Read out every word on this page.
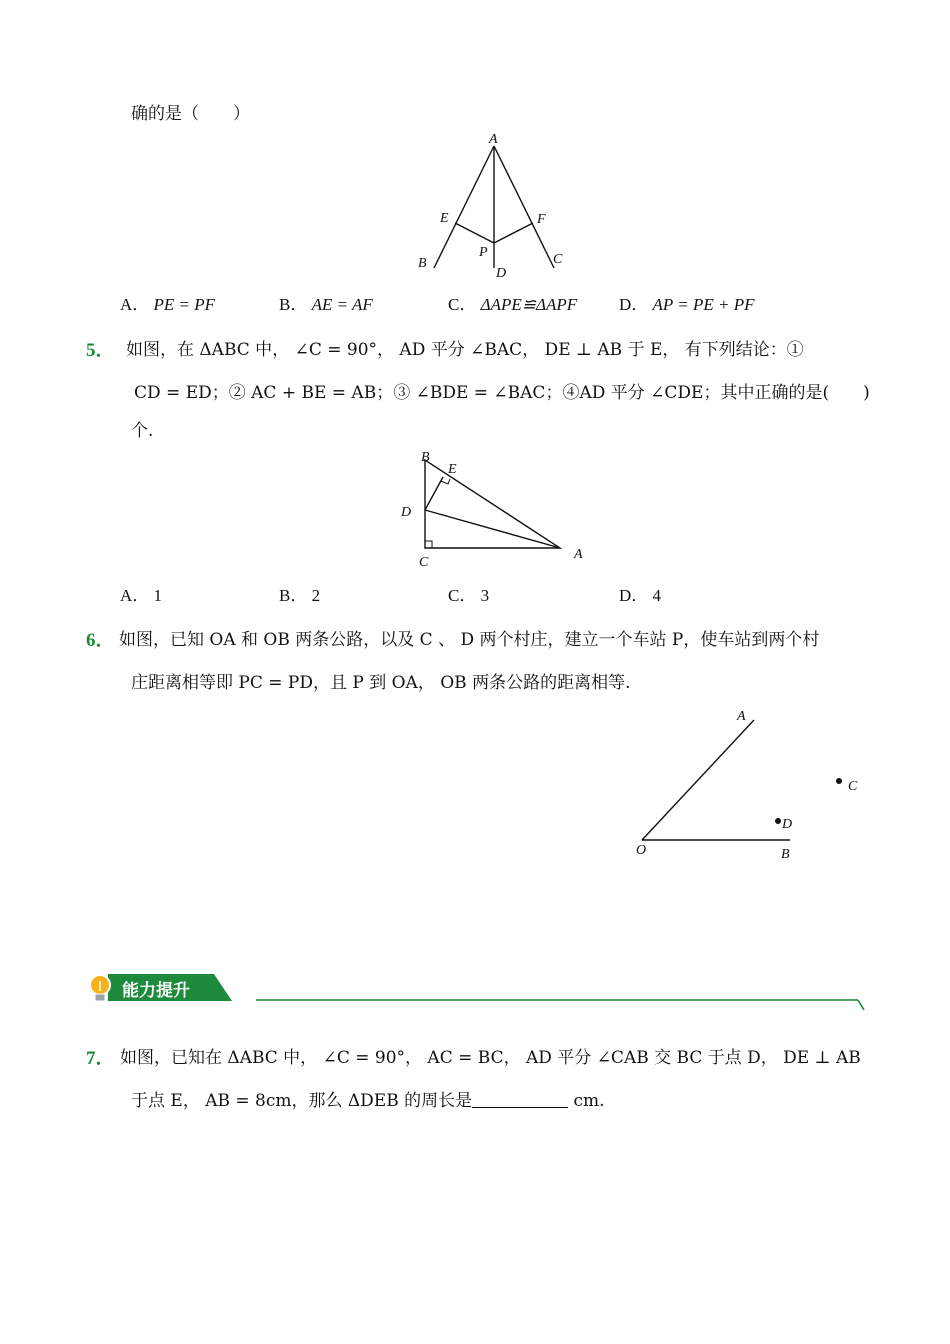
确的是（　　）
A
E	F
P
B
D
C
A． PE = PF	B． AE = AF	C． ΔAPE≌ΔAPF D． AP = PE + PF
5． 如图，在 ΔABC 中， ∠C = 90°， AD 平分 ∠BAC， DE ⊥ AB 于 E， 有下列结论：①
CD = ED；② AC + BE = AB；③ ∠BDE = ∠BAC；④AD 平分 ∠CDE；其中正确的是(　　)
个.
B
E
D
C
A
A． 1	B． 2	C． 3	D． 4
6． 如图，已知 OA 和 OB 两条公路，以及 C 、 D 两个村庄，建立一个车站 P，使车站到两个村
庄距离相等即 PC = PD，且 P 到 OA， OB 两条公路的距离相等.
A
O	B
C
D
能力提升
7． 如图，已知在 ΔABC 中， ∠C = 90°， AC = BC， AD 平分 ∠CAB 交 BC 于点 D， DE ⊥ AB
于点 E， AB = 8cm，那么 ΔDEB 的周长是	cm.
